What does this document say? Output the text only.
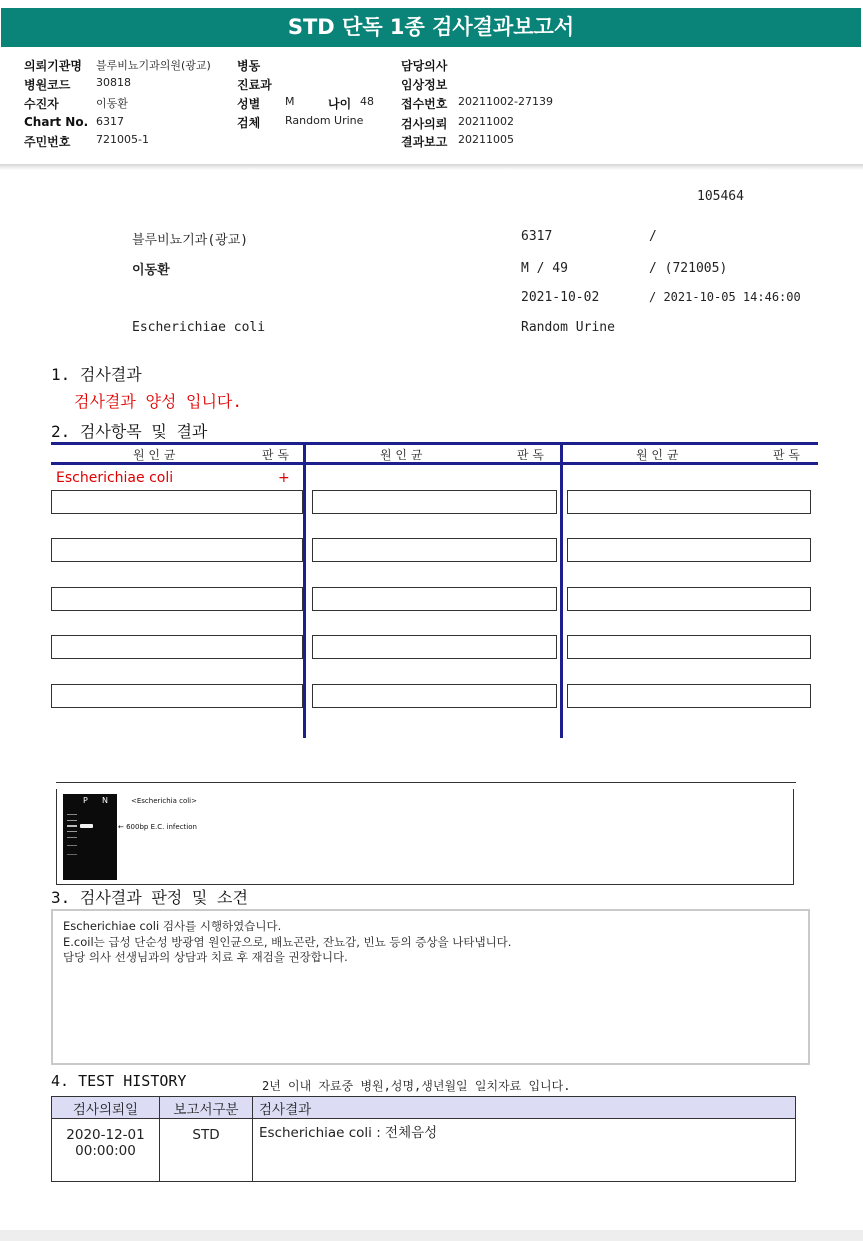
STD 단독 1종 검사결과보고서
의뢰기관명 블루비뇨기과의원(광교)
병원코드 30818
수진자	이동환
Chart No. 6317
주민번호 721005-1
병동
진료과
성별 M	나이 48
검체 Random Urine
담당의사
임상정보
접수번호 20211002-27139
검사의뢰 20211002
결과보고 20211005
105464
블루비뇨기과(광교)	6317	/
이동환	M / 49	/ (721005)
2021-10-02	/ 2021-10-05 14:46:00
Escherichiae coli	Random Urine
1. 검사결과
검사결과 양성 입니다.
2. 검사항목 및 결과
원 인 균	판 독	원 인 균	판 독	원 인 균	판 독
Escherichiae coli	+
P N	<Escherichia coli>
← 600bp E.C. infection
3. 검사결과 판정 및 소견
Escherichiae coli 검사를 시행하였습니다.
E.coil는 급성 단순성 방광염 원인균으로, 배뇨곤란, 잔뇨감, 빈뇨 등의 증상을 나타냅니다.
담당 의사 선생님과의 상담과 치료 후 재검을 권장합니다.
4. TEST HISTORY	2년 이내 자료중 병원,성명,생년월일 일치자료 입니다.
검사의뢰일	보고서구분	검사결과

2020-12-01
00:00:00	STD	Escherichiae coli : 전체음성
